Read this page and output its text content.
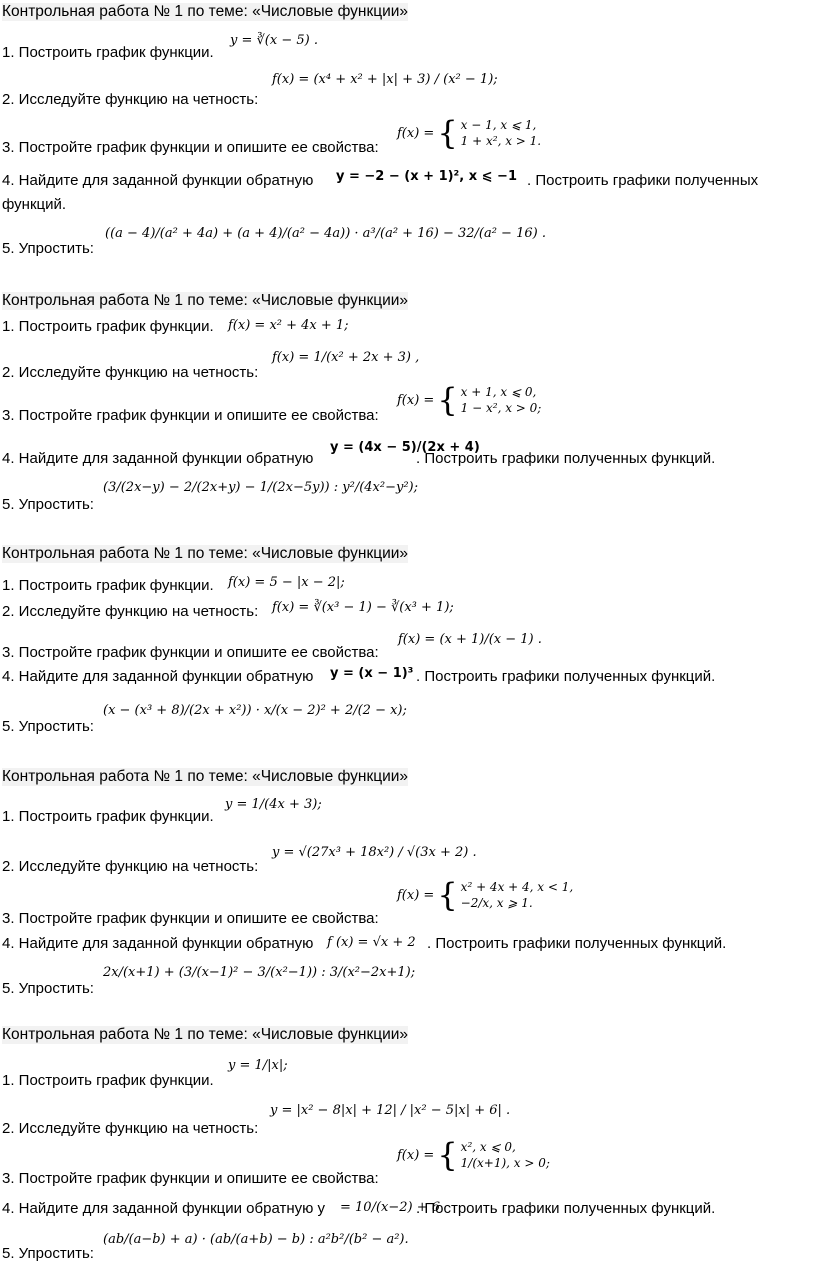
Контрольная работа № 1 по теме: «Числовые функции»
1. Построить график функции.
y = ∛(x − 5) .
f(x) = (x⁴ + x² + |x| + 3) / (x² − 1);
2. Исследуйте функцию на четность:
3. Постройте график функции и опишите ее свойства:
f(x) = { x − 1, x ⩽ 1,
1 + x², x > 1.
4. Найдите для заданной функции обратную y = −2 − (x + 1)², x ⩽ −1 . Построить графики полученных
функций.
5. Упростить:
((a − 4)/(a² + 4a) + (a + 4)/(a² − 4a)) · a³/(a² + 16) − 32/(a² − 16) .
Контрольная работа № 1 по теме: «Числовые функции»
1. Построить график функции. f(x) = x² + 4x + 1;
f(x) = 1/(x² + 2x + 3) ,
2. Исследуйте функцию на четность:
3. Постройте график функции и опишите ее свойства:
f(x) = { x + 1, x ⩽ 0,
1 − x², x > 0;
4. Найдите для заданной функции обратную
y = (4x − 5)/(2x + 4)
. Построить графики полученных функций.
5. Упростить:
(3/(2x−y) − 2/(2x+y) − 1/(2x−5y)) : y²/(4x²−y²);
Контрольная работа № 1 по теме: «Числовые функции»
1. Построить график функции. f(x) = 5 − |x − 2|;
2. Исследуйте функцию на четность: f(x) = ∛(x³ − 1) − ∛(x³ + 1);
3. Постройте график функции и опишите ее свойства:
f(x) = (x + 1)/(x − 1) .
4. Найдите для заданной функции обратную y = (x − 1)³ . Построить графики полученных функций.
5. Упростить:
(x − (x³ + 8)/(2x + x²)) · x/(x − 2)² + 2/(2 − x);
Контрольная работа № 1 по теме: «Числовые функции»
1. Построить график функции.
y = 1/(4x + 3);
y = √(27x³ + 18x²) / √(3x + 2) .
2. Исследуйте функцию на четность:
3. Постройте график функции и опишите ее свойства:
f(x) = { x² + 4x + 4, x < 1,
−2/x, x ⩾ 1.
4. Найдите для заданной функции обратную f (x) = √x + 2 . Построить графики полученных функций.
5. Упростить:
2x/(x+1) + (3/(x−1)² − 3/(x²−1)) : 3/(x²−2x+1);
Контрольная работа № 1 по теме: «Числовые функции»
1. Построить график функции.
y = 1/|x|;
y = |x² − 8|x| + 12| / |x² − 5|x| + 6| .
2. Исследуйте функцию на четность:
3. Постройте график функции и опишите ее свойства:
f(x) = { x², x ⩽ 0,
1/(x+1), x > 0;
4. Найдите для заданной функции обратную у = 10/(x−2) + 6
. Построить графики полученных функций.
5. Упростить:
(ab/(a−b) + a) · (ab/(a+b) − b) : a²b²/(b² − a²).
